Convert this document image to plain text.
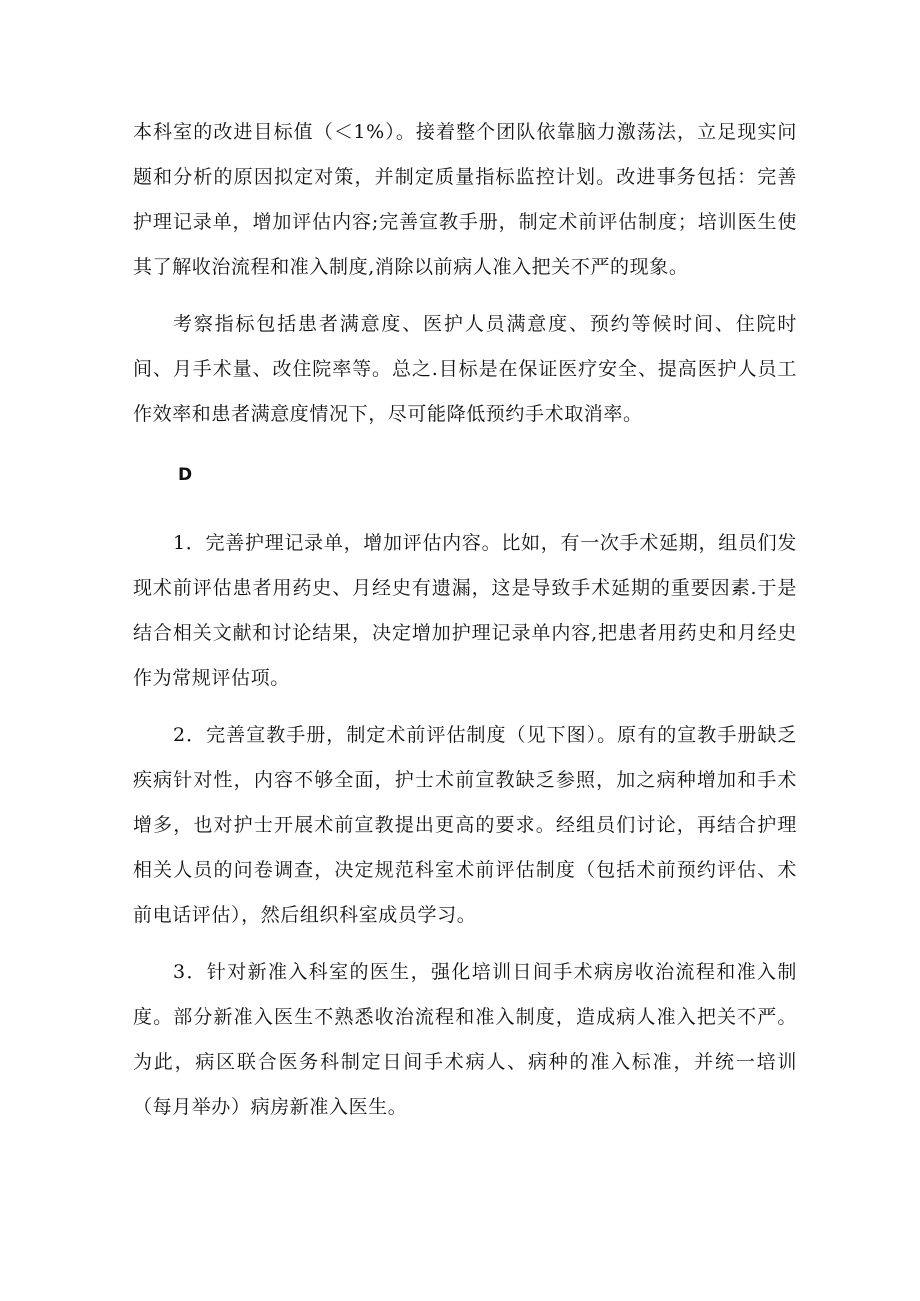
本科室的改进目标值（＜1%）。接着整个团队依靠脑力激荡法，立足现实问题和分析的原因拟定对策，并制定质量指标监控计划。改进事务包括：完善护理记录单，增加评估内容;完善宣教手册，制定术前评估制度；培训医生使其了解收治流程和准入制度,消除以前病人准入把关不严的现象。

考察指标包括患者满意度、医护人员满意度、预约等候时间、住院时间、月手术量、改住院率等。总之.目标是在保证医疗安全、提高医护人员工作效率和患者满意度情况下，尽可能降低预约手术取消率。

D

1．完善护理记录单，增加评估内容。比如，有一次手术延期，组员们发现术前评估患者用药史、月经史有遗漏，这是导致手术延期的重要因素.于是结合相关文献和讨论结果，决定增加护理记录单内容,把患者用药史和月经史作为常规评估项。

2．完善宣教手册，制定术前评估制度（见下图）。原有的宣教手册缺乏疾病针对性，内容不够全面，护士术前宣教缺乏参照，加之病种增加和手术增多，也对护士开展术前宣教提出更高的要求。经组员们讨论，再结合护理相关人员的问卷调查，决定规范科室术前评估制度（包括术前预约评估、术前电话评估），然后组织科室成员学习。

3．针对新准入科室的医生，强化培训日间手术病房收治流程和准入制度。部分新准入医生不熟悉收治流程和准入制度，造成病人准入把关不严。为此，病区联合医务科制定日间手术病人、病种的准入标准，并统一培训（每月举办）病房新准入医生。
